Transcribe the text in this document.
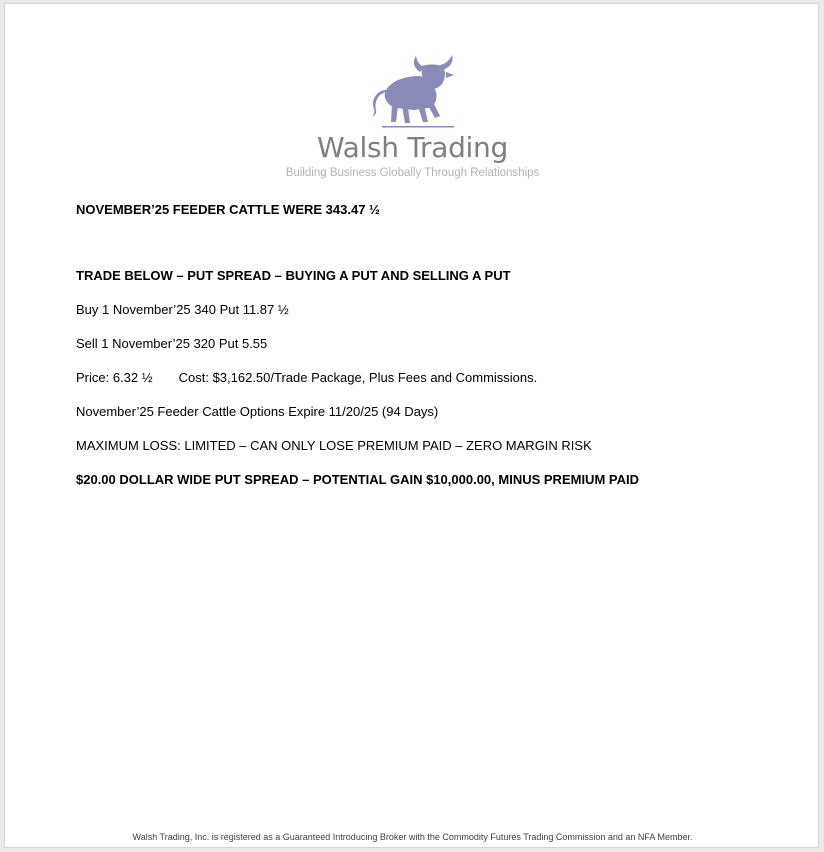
Walsh Trading
Building Business Globally Through Relationships
NOVEMBER’25 FEEDER CATTLE WERE 343.47 ½
TRADE BELOW – PUT SPREAD – BUYING A PUT AND SELLING A PUT
Buy 1 November’25 340 Put 11.87 ½
Sell 1 November’25 320 Put 5.55
Price: 6.32 ½ Cost: $3,162.50/Trade Package, Plus Fees and Commissions.
November’25 Feeder Cattle Options Expire 11/20/25 (94 Days)
MAXIMUM LOSS: LIMITED – CAN ONLY LOSE PREMIUM PAID – ZERO MARGIN RISK
$20.00 DOLLAR WIDE PUT SPREAD – POTENTIAL GAIN $10,000.00, MINUS PREMIUM PAID
Walsh Trading, Inc. is registered as a Guaranteed Introducing Broker with the Commodity Futures Trading Commission and an NFA Member.
